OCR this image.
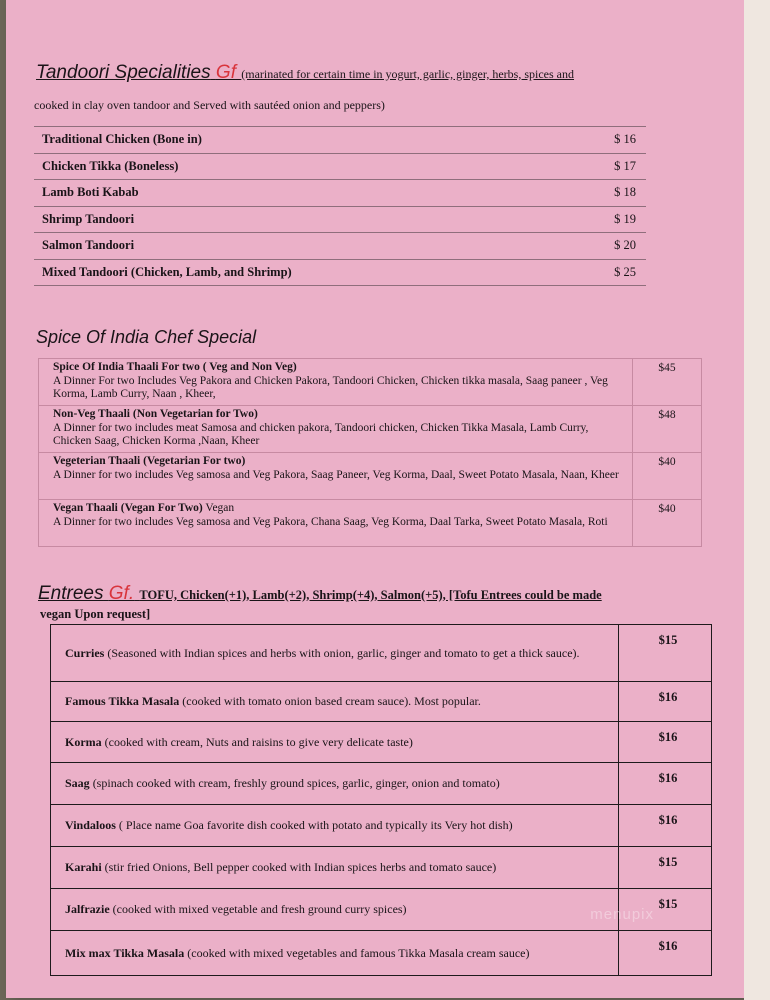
Tandoori Specialities Gf (marinated for certain time in yogurt, garlic, ginger, herbs, spices and
cooked in clay oven tandoor and Served with sautéed onion and peppers)
Traditional Chicken (Bone in)	$ 16
Chicken Tikka (Boneless)	$ 17
Lamb Boti Kabab	$ 18
Shrimp Tandoori	$ 19
Salmon Tandoori	$ 20
Mixed Tandoori (Chicken, Lamb, and Shrimp)	$ 25
Spice Of India Chef Special
Spice Of India Thaali For two ( Veg and Non Veg)
A Dinner For two Includes Veg Pakora and Chicken Pakora, Tandoori Chicken, Chicken tikka masala, Saag paneer , Veg Korma, Lamb Curry, Naan , Kheer,	$45

Non-Veg Thaali (Non Vegetarian for Two)
A Dinner for two includes meat Samosa and chicken pakora, Tandoori chicken, Chicken Tikka Masala, Lamb Curry, Chicken Saag, Chicken Korma ,Naan, Kheer	$48

Vegeterian Thaali (Vegetarian For two)
A Dinner for two includes Veg samosa and Veg Pakora, Saag Paneer, Veg Korma, Daal, Sweet Potato Masala, Naan, Kheer	$40

Vegan Thaali (Vegan For Two) Vegan
A Dinner for two includes Veg samosa and Veg Pakora, Chana Saag, Veg Korma, Daal Tarka, Sweet Potato Masala, Roti	$40
Entrees Gf. TOFU, Chicken(+1), Lamb(+2), Shrimp(+4), Salmon(+5), [Tofu Entrees could be made
vegan Upon request]
Curries (Seasoned with Indian spices and herbs with onion, garlic, ginger and tomato to get a thick sauce).	$15
Famous Tikka Masala (cooked with tomato onion based cream sauce). Most popular.	$16
Korma (cooked with cream, Nuts and raisins to give very delicate taste)	$16
Saag (spinach cooked with cream, freshly ground spices, garlic, ginger, onion and tomato)	$16
Vindaloos ( Place name Goa favorite dish cooked with potato and typically its Very hot dish)	$16
Karahi (stir fried Onions, Bell pepper cooked with Indian spices herbs and tomato sauce)	$15
Jalfrazie (cooked with mixed vegetable and fresh ground curry spices)	$15
Mix max Tikka Masala (cooked with mixed vegetables and famous Tikka Masala cream sauce)	$16
menupix
